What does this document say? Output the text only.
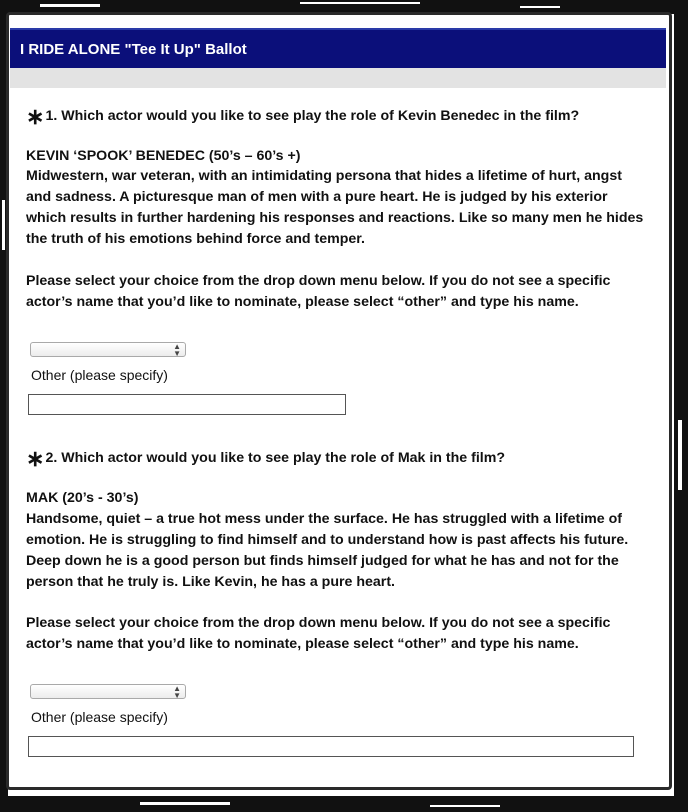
I RIDE ALONE "Tee It Up" Ballot
∗1. Which actor would you like to see play the role of Kevin Benedec in the film?
KEVIN ‘SPOOK’ BENEDEC (50’s – 60’s +)
Midwestern, war veteran, with an intimidating persona that hides a lifetime of hurt, angst and sadness. A picturesque man of men with a pure heart. He is judged by his exterior which results in further hardening his responses and reactions. Like so many men he hides the truth of his emotions behind force and temper.
Please select your choice from the drop down menu below. If you do not see a specific actor’s name that you’d like to nominate, please select “other” and type his name.
▲
▼
Other (please specify)
∗2. Which actor would you like to see play the role of Mak in the film?
MAK (20’s - 30’s)
Handsome, quiet – a true hot mess under the surface. He has struggled with a lifetime of emotion. He is struggling to find himself and to understand how is past affects his future. Deep down he is a good person but finds himself judged for what he has and not for the person that he truly is. Like Kevin, he has a pure heart.
Please select your choice from the drop down menu below. If you do not see a specific actor’s name that you’d like to nominate, please select “other” and type his name.
▲
▼
Other (please specify)
